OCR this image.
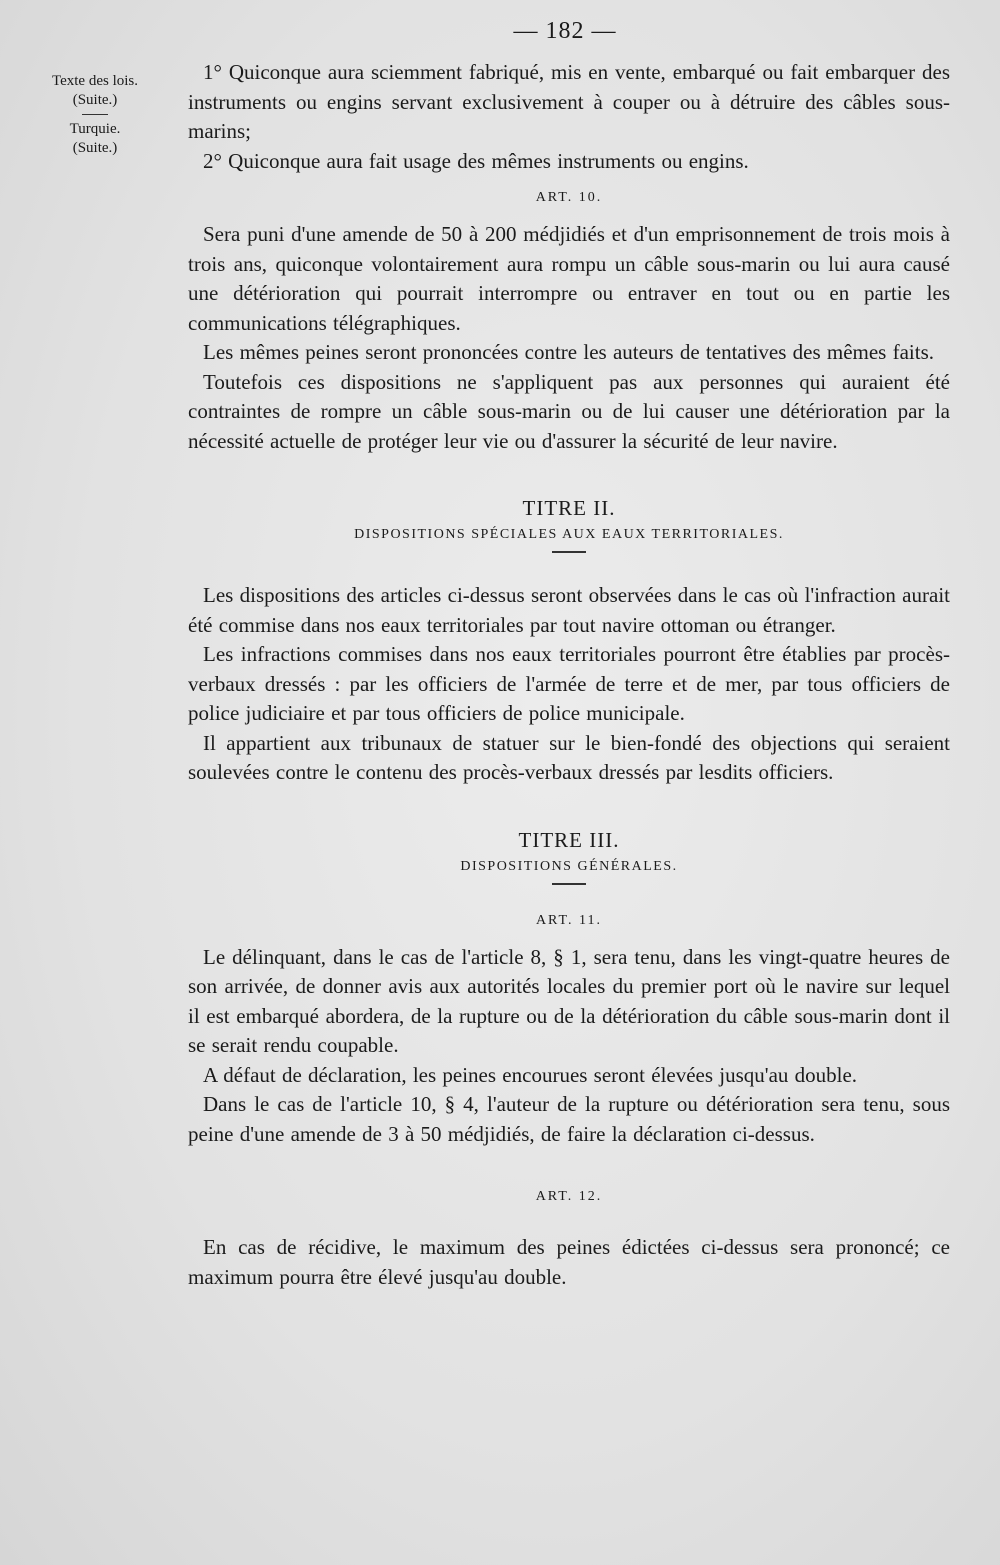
— 182 —
Texte des lois.
(Suite.)
Turquie.
(Suite.)

1° Quiconque aura sciemment fabriqué, mis en vente, embarqué ou fait embarquer des instruments ou engins servant exclusivement à couper ou à détruire des câbles sous-marins;

2° Quiconque aura fait usage des mêmes instruments ou engins.

ART. 10.

Sera puni d'une amende de 50 à 200 médjidiés et d'un emprisonnement de trois mois à trois ans, quiconque volontairement aura rompu un câble sous-marin ou lui aura causé une détérioration qui pourrait interrompre ou entraver en tout ou en partie les communications télégraphiques.

Les mêmes peines seront prononcées contre les auteurs de tentatives des mêmes faits.

Toutefois ces dispositions ne s'appliquent pas aux personnes qui auraient été contraintes de rompre un câble sous-marin ou de lui causer une détérioration par la nécessité actuelle de protéger leur vie ou d'assurer la sécurité de leur navire.

TITRE II.
DISPOSITIONS SPÉCIALES AUX EAUX TERRITORIALES.

Les dispositions des articles ci-dessus seront observées dans le cas où l'infraction aurait été commise dans nos eaux territoriales par tout navire ottoman ou étranger.

Les infractions commises dans nos eaux territoriales pourront être établies par procès-verbaux dressés : par les officiers de l'armée de terre et de mer, par tous officiers de police judiciaire et par tous officiers de police municipale.

Il appartient aux tribunaux de statuer sur le bien-fondé des objections qui seraient soulevées contre le contenu des procès-verbaux dressés par lesdits officiers.

TITRE III.
DISPOSITIONS GÉNÉRALES.
ART. 11.

Le délinquant, dans le cas de l'article 8, § 1, sera tenu, dans les vingt-quatre heures de son arrivée, de donner avis aux autorités locales du premier port où le navire sur lequel il est embarqué abordera, de la rupture ou de la détérioration du câble sous-marin dont il se serait rendu coupable.

A défaut de déclaration, les peines encourues seront élevées jusqu'au double.

Dans le cas de l'article 10, § 4, l'auteur de la rupture ou détérioration sera tenu, sous peine d'une amende de 3 à 50 médjidiés, de faire la déclaration ci-dessus.

ART. 12.

En cas de récidive, le maximum des peines édictées ci-dessus sera prononcé; ce maximum pourra être élevé jusqu'au double.
